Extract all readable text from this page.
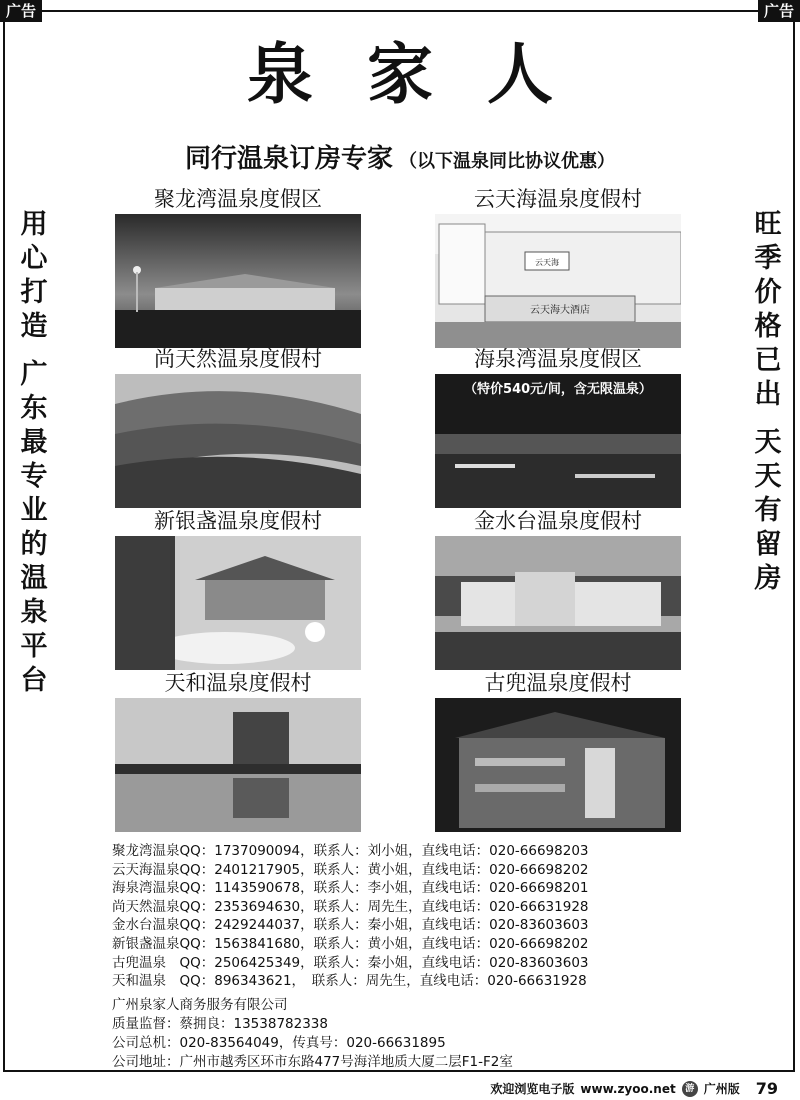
广告	广告
泉家人
同行温泉订房专家 （以下温泉同比协议优惠）
用
心
打
造
广
东
最
专
业
的
温
泉
平
台
旺
季
价
格
已
出
天
天
有
留
房
聚龙湾温泉度假区	云天海温泉度假村
云天海
云天海大酒店
尚天然温泉度假村	海泉湾温泉度假区
（特价540元/间，含无限温泉）
新银盏温泉度假村	金水台温泉度假村
天和温泉度假村	古兜温泉度假村
聚龙湾温泉QQ：1737090094，联系人：刘小姐，直线电话：020-66698203
云天海温泉QQ：2401217905，联系人：黄小姐，直线电话：020-66698202
海泉湾温泉QQ：1143590678，联系人：李小姐，直线电话：020-66698201
尚天然温泉QQ：2353694630，联系人：周先生，直线电话：020-66631928
金水台温泉QQ：2429244037，联系人：秦小姐，直线电话：020-83603603
新银盏温泉QQ：1563841680，联系人：黄小姐，直线电话：020-66698202
古兜温泉　QQ：2506425349，联系人：秦小姐，直线电话：020-83603603
天和温泉　QQ：896343621，　联系人：周先生，直线电话：020-66631928
广州泉家人商务服务有限公司
质量监督：蔡拥良：13538782338
公司总机：020-83564049，传真号：020-66631895
公司地址：广州市越秀区环市东路477号海洋地质大厦二层F1-F2室
欢迎浏览电子版 www.zyoo.net	游 广州版 79
